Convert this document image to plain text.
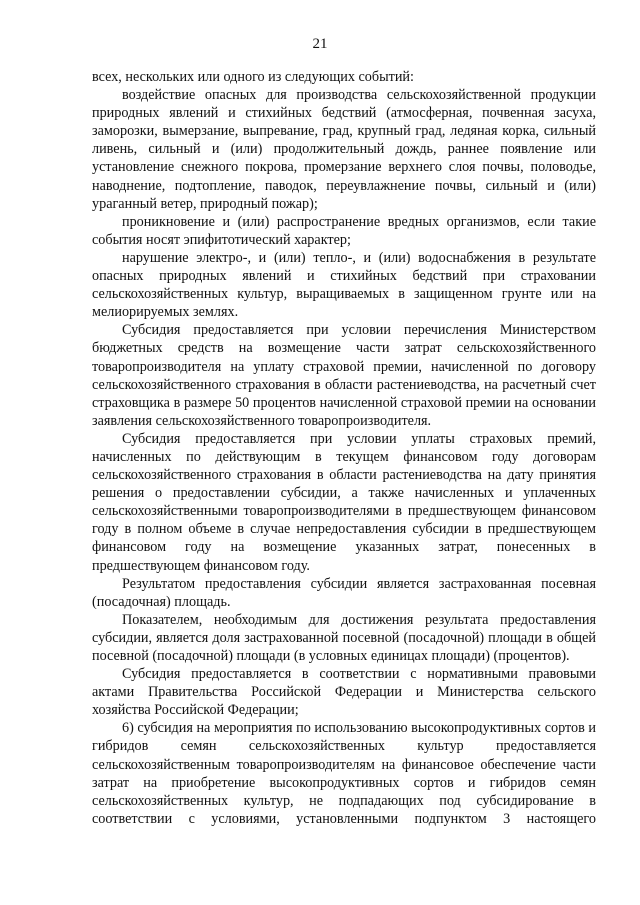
21

всех, нескольких или одного из следующих событий:

воздействие опасных для производства сельскохозяйственной продукции природных явлений и стихийных бедствий (атмосферная, почвенная засуха, заморозки, вымерзание, выпревание, град, крупный град, ледяная корка, сильный ливень, сильный и (или) продолжительный дождь, раннее появление или установление снежного покрова, промерзание верхнего слоя почвы, половодье, наводнение, подтопление, паводок, переувлажнение почвы, сильный и (или) ураганный ветер, природный пожар);

проникновение и (или) распространение вредных организмов, если такие события носят эпифитотический характер;

нарушение электро-, и (или) тепло-, и (или) водоснабжения в результате опасных природных явлений и стихийных бедствий при страховании сельскохозяйственных культур, выращиваемых в защищенном грунте или на мелиорируемых землях.

Субсидия предоставляется при условии перечисления Министерством бюджетных средств на возмещение части затрат сельскохозяйственного товаропроизводителя на уплату страховой премии, начисленной по договору сельскохозяйственного страхования в области растениеводства, на расчетный счет страховщика в размере 50 процентов начисленной страховой премии на основании заявления сельскохозяйственного товаропроизводителя.

Субсидия предоставляется при условии уплаты страховых премий, начисленных по действующим в текущем финансовом году договорам сельскохозяйственного страхования в области растениеводства на дату принятия решения о предоставлении субсидии, а также начисленных и уплаченных сельскохозяйственными товаропроизводителями в предшествующем финансовом году в полном объеме в случае непредоставления субсидии в предшествующем финансовом году на возмещение указанных затрат, понесенных в предшествующем финансовом году.

Результатом предоставления субсидии является застрахованная посевная (посадочная) площадь.

Показателем, необходимым для достижения результата предоставления субсидии, является доля застрахованной посевной (посадочной) площади в общей посевной (посадочной) площади (в условных единицах площади) (процентов).

Субсидия предоставляется в соответствии с нормативными правовыми актами Правительства Российской Федерации и Министерства сельского хозяйства Российской Федерации;

6) субсидия на мероприятия по использованию высокопродуктивных сортов и гибридов семян сельскохозяйственных культур предоставляется сельскохозяйственным товаропроизводителям на финансовое обеспечение части затрат на приобретение высокопродуктивных сортов и гибридов семян сельскохозяйственных культур, не подпадающих под субсидирование в соответствии с условиями, установленными подпунктом 3 настоящего
